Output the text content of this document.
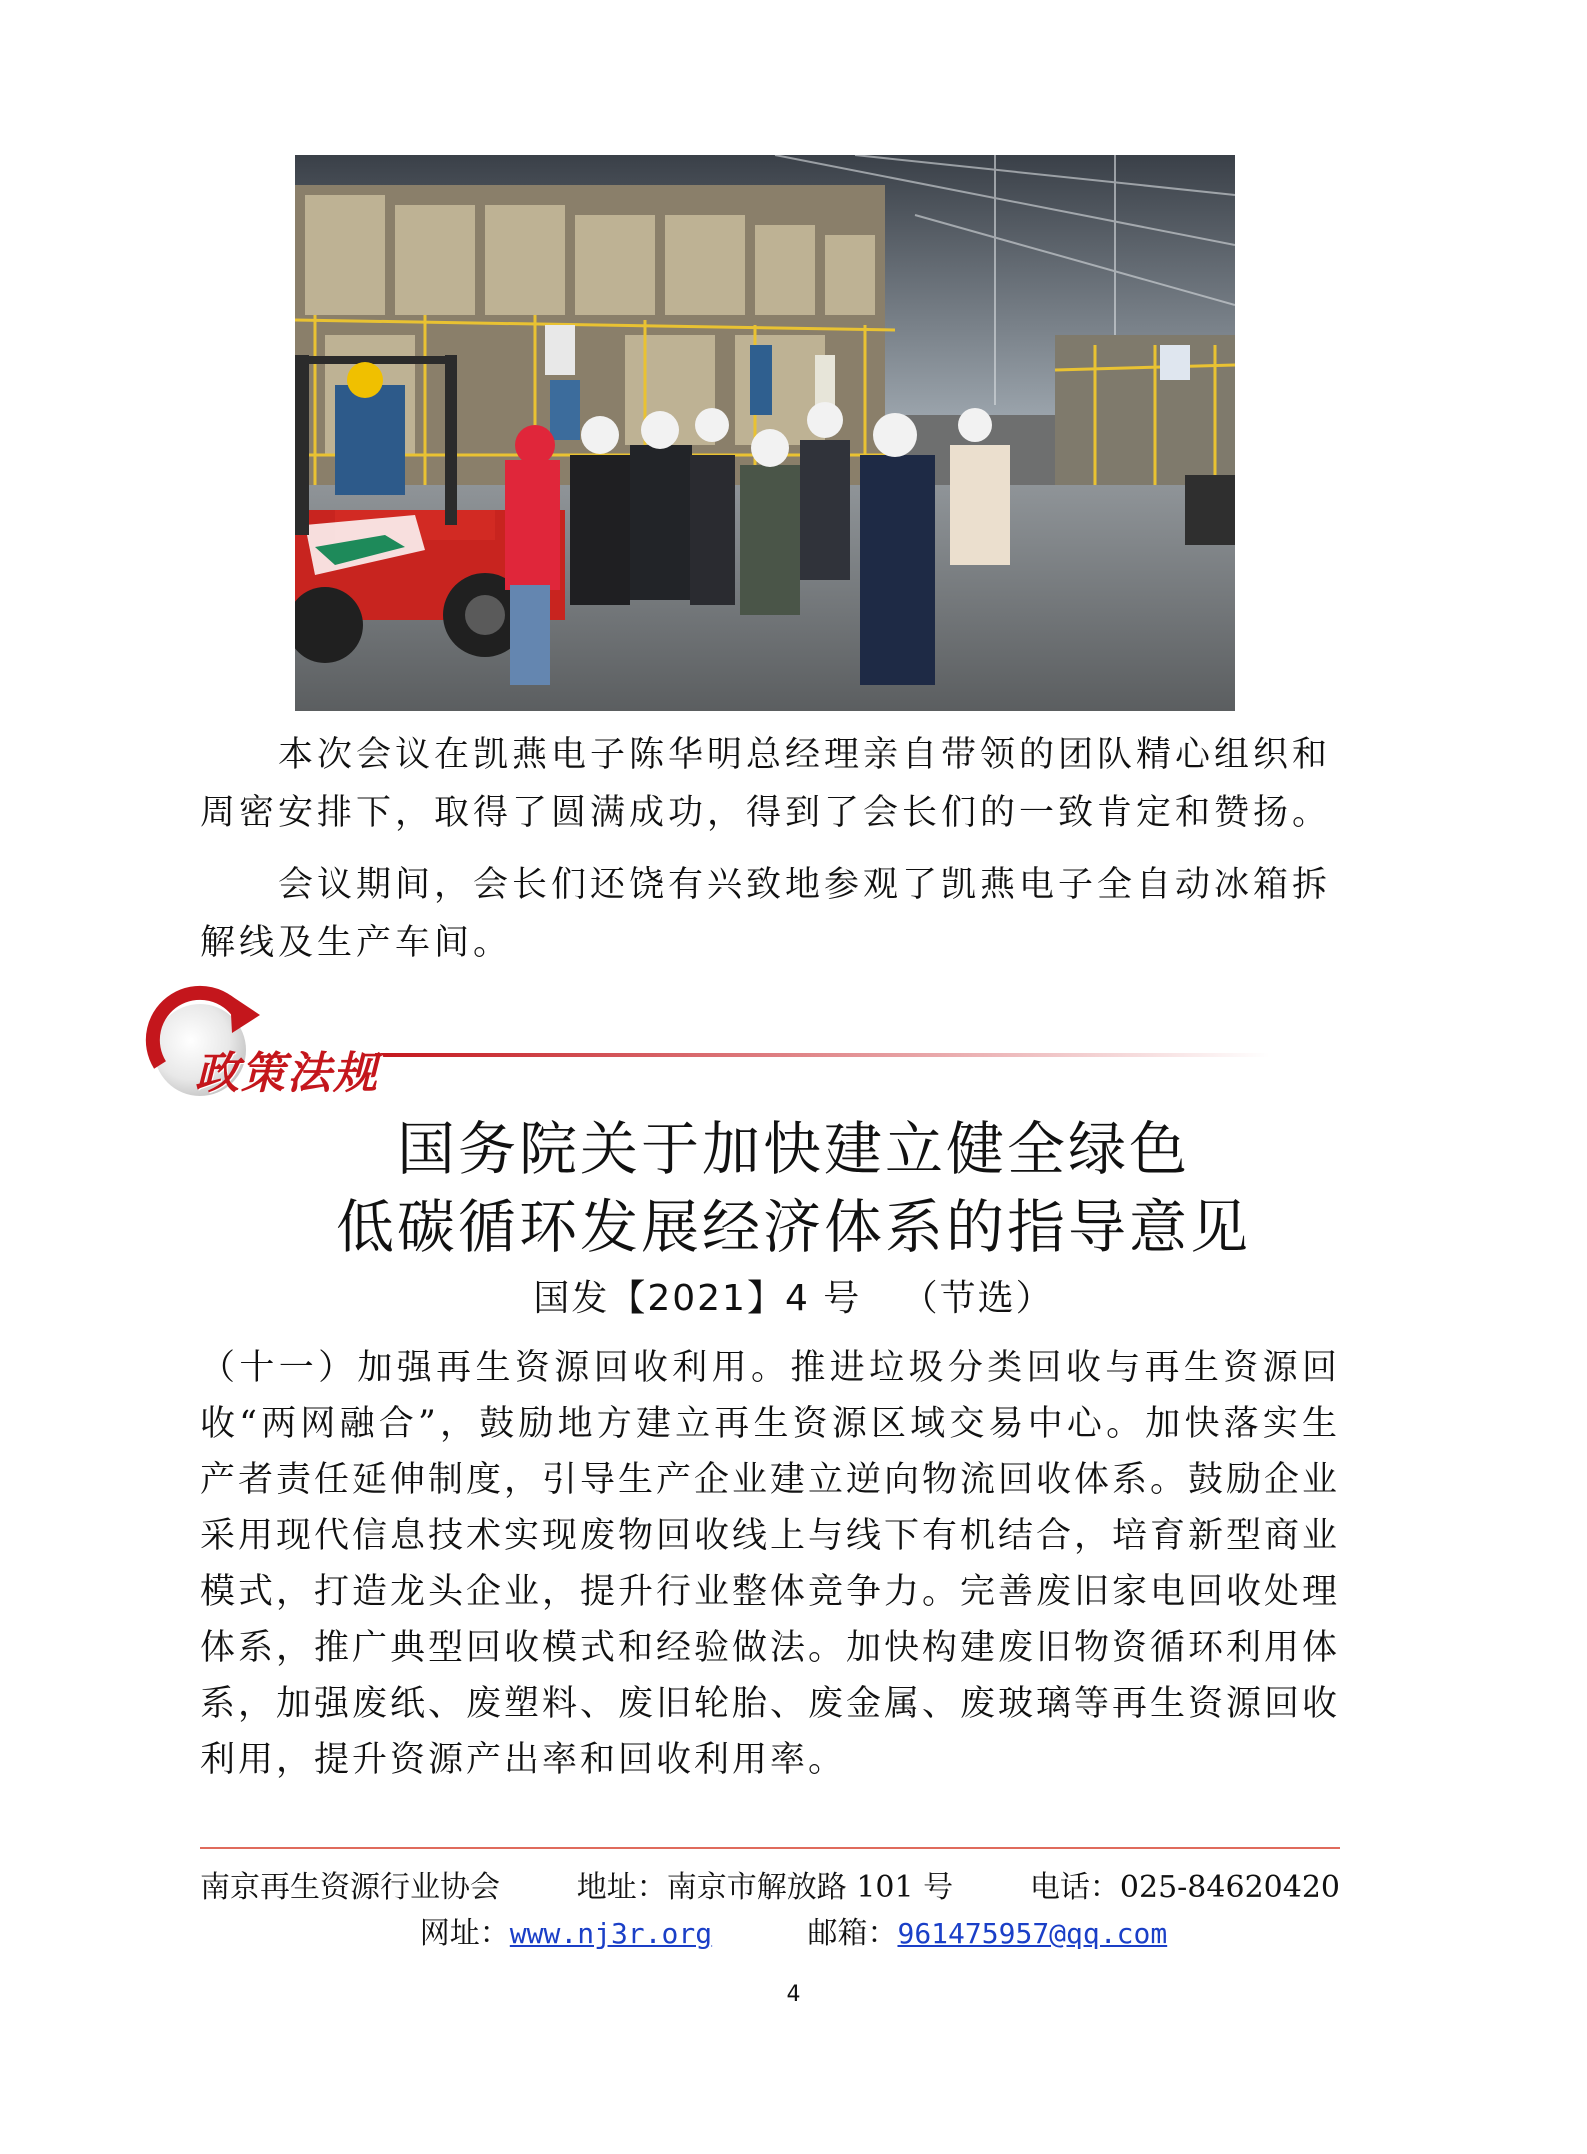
本次会议在凯燕电子陈华明总经理亲自带领的团队精心组织和周密安排下，取得了圆满成功，得到了会长们的一致肯定和赞扬。

会议期间，会长们还饶有兴致地参观了凯燕电子全自动冰箱拆解线及生产车间。

政策法规
国务院关于加快建立健全绿色
低碳循环发展经济体系的指导意见
国发【2021】4 号   （节选）

（十一）加强再生资源回收利用。推进垃圾分类回收与再生资源回收“两网融合”，鼓励地方建立再生资源区域交易中心。加快落实生产者责任延伸制度，引导生产企业建立逆向物流回收体系。鼓励企业采用现代信息技术实现废物回收线上与线下有机结合，培育新型商业模式，打造龙头企业，提升行业整体竞争力。完善废旧家电回收处理体系，推广典型回收模式和经验做法。加快构建废旧物资循环利用体系，加强废纸、废塑料、废旧轮胎、废金属、废玻璃等再生资源回收利用，提升资源产出率和回收利用率。

南京再生资源行业协会	地址：南京市解放路 101 号	电话：025-84620420
网址：www.nj3r.org	邮箱：961475957@qq.com
4
